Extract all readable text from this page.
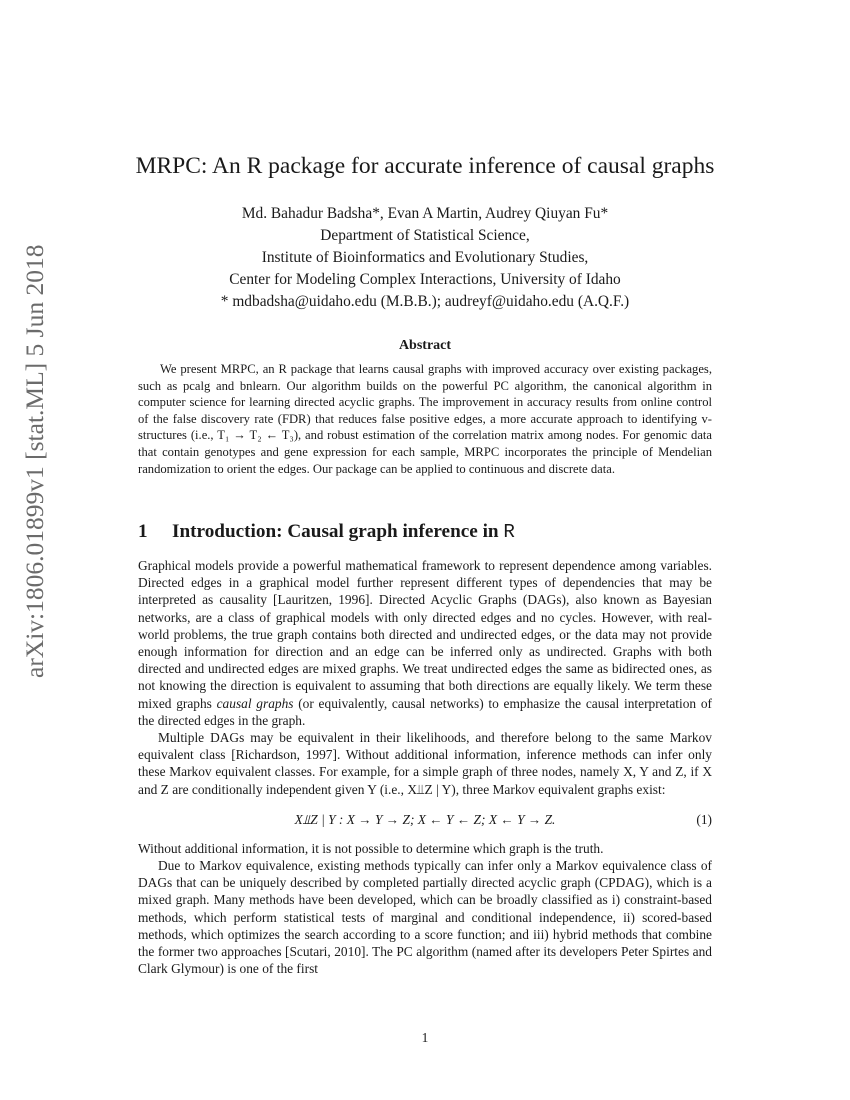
arXiv:1806.01899v1 [stat.ML] 5 Jun 2018
MRPC: An R package for accurate inference of causal graphs
Md. Bahadur Badsha*, Evan A Martin, Audrey Qiuyan Fu*
Department of Statistical Science,
Institute of Bioinformatics and Evolutionary Studies,
Center for Modeling Complex Interactions, University of Idaho
* mdbadsha@uidaho.edu (M.B.B.); audreyf@uidaho.edu (A.Q.F.)
Abstract

We present MRPC, an R package that learns causal graphs with improved accuracy over existing packages, such as pcalg and bnlearn. Our algorithm builds on the powerful PC algorithm, the canonical algorithm in computer science for learning directed acyclic graphs. The improvement in accuracy results from online control of the false discovery rate (FDR) that reduces false positive edges, a more accurate approach to identifying v-structures (i.e., T₁ → T₂ ← T₃), and robust estimation of the correlation matrix among nodes. For genomic data that contain genotypes and gene expression for each sample, MRPC incorporates the principle of Mendelian randomization to orient the edges. Our package can be applied to continuous and discrete data.

1 Introduction: Causal graph inference in R

Graphical models provide a powerful mathematical framework to represent dependence among variables. Directed edges in a graphical model further represent different types of dependencies that may be interpreted as causality [Lauritzen, 1996]. Directed Acyclic Graphs (DAGs), also known as Bayesian networks, are a class of graphical models with only directed edges and no cycles. However, with real-world problems, the true graph contains both directed and undirected edges, or the data may not provide enough information for direction and an edge can be inferred only as undirected. Graphs with both directed and undirected edges are mixed graphs. We treat undirected edges the same as bidirected ones, as not knowing the direction is equivalent to assuming that both directions are equally likely. We term these mixed graphs causal graphs (or equivalently, causal networks) to emphasize the causal interpretation of the directed edges in the graph.

Multiple DAGs may be equivalent in their likelihoods, and therefore belong to the same Markov equivalent class [Richardson, 1997]. Without additional information, inference methods can infer only these Markov equivalent classes. For example, for a simple graph of three nodes, namely X, Y and Z, if X and Z are conditionally independent given Y (i.e., X⫫Z | Y), three Markov equivalent graphs exist:

X⫫Z | Y : X → Y → Z; X ← Y ← Z; X ← Y → Z.	(1)

Without additional information, it is not possible to determine which graph is the truth.

Due to Markov equivalence, existing methods typically can infer only a Markov equivalence class of DAGs that can be uniquely described by completed partially directed acyclic graph (CPDAG), which is a mixed graph. Many methods have been developed, which can be broadly classified as i) constraint-based methods, which perform statistical tests of marginal and conditional independence, ii) scored-based methods, which optimizes the search according to a score function; and iii) hybrid methods that combine the former two approaches [Scutari, 2010]. The PC algorithm (named after its developers Peter Spirtes and Clark Glymour) is one of the first

1
